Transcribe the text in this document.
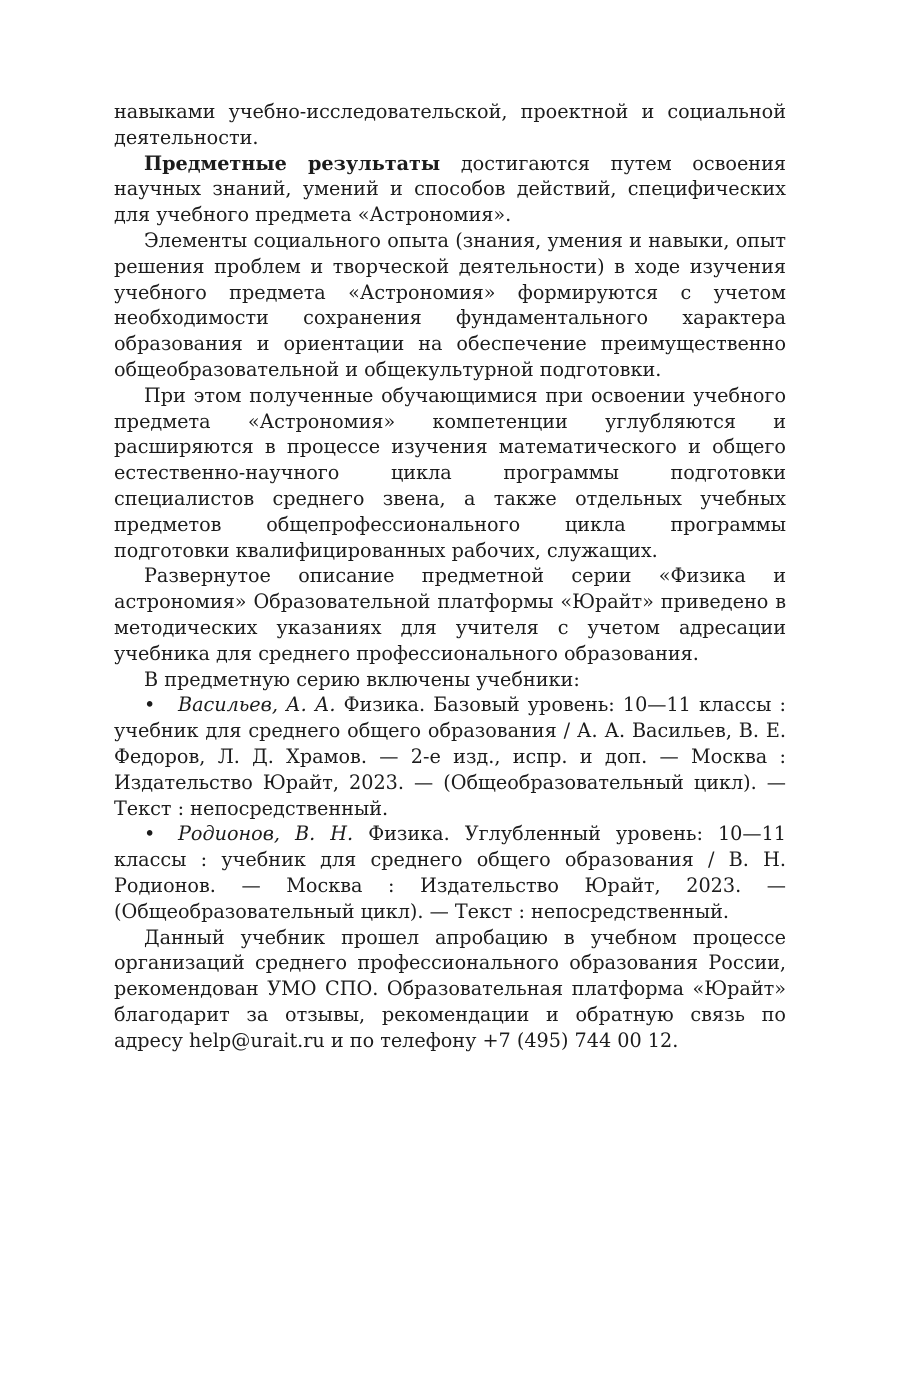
навыками учебно-исследовательской, проектной и социальной деятельности.

Предметные результаты достигаются путем освоения научных знаний, умений и способов действий, специфических для учебного предмета «Астрономия».

Элементы социального опыта (знания, умения и навыки, опыт решения проблем и творческой деятельности) в ходе изучения учебного предмета «Астрономия» формируются с учетом необходимости сохранения фундаментального характера образования и ориентации на обеспечение преимущественно общеобразовательной и общекультурной подготовки.

При этом полученные обучающимися при освоении учебного предмета «Астрономия» компетенции углубляются и расширяются в процессе изучения математического и общего естественно-научного цикла программы подготовки специалистов среднего звена, а также отдельных учебных предметов общепрофессионального цикла программы подготовки квалифицированных рабочих, служащих.

Развернутое описание предметной серии «Физика и астрономия» Образовательной платформы «Юрайт» приведено в методических указаниях для учителя с учетом адресации учебника для среднего профессионального образования.

В предметную серию включены учебники:

• Васильев, А. А. Физика. Базовый уровень: 10—11 классы : учебник для среднего общего образования / А. А. Васильев, В. Е. Федоров, Л. Д. Храмов. — 2-е изд., испр. и доп. — Москва : Издательство Юрайт, 2023. — (Общеобразовательный цикл). — Текст : непосредственный.

• Родионов, В. Н. Физика. Углубленный уровень: 10—11 классы : учебник для среднего общего образования / В. Н. Родионов. — Москва : Издательство Юрайт, 2023. — (Общеобразовательный цикл). — Текст : непосредственный.

Данный учебник прошел апробацию в учебном процессе организаций среднего профессионального образования России, рекомендован УМО СПО. Образовательная платформа «Юрайт» благодарит за отзывы, рекомендации и обратную связь по адресу help@urait.ru и по телефону +7 (495) 744 00 12.
